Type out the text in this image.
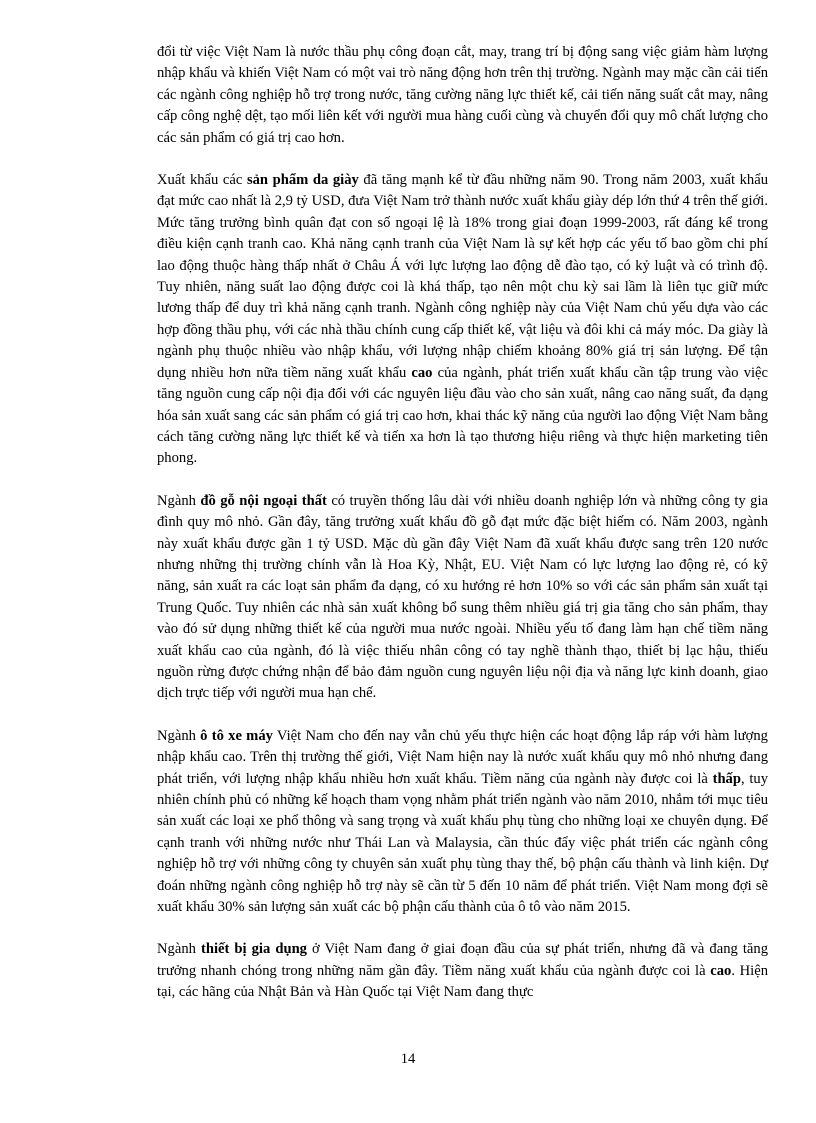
đổi từ việc Việt Nam là nước thầu phụ công đoạn cắt, may, trang trí bị động sang việc giảm hàm lượng nhập khẩu và khiến Việt Nam có một vai trò năng động hơn trên thị trường. Ngành may mặc cần cải tiến các ngành công nghiệp hỗ trợ trong nước, tăng cường năng lực thiết kế, cải tiến năng suất cắt may, nâng cấp công nghệ dệt, tạo mối liên kết với người mua hàng cuối cùng và chuyển đổi quy mô chất lượng cho các sản phẩm có giá trị cao hơn.

Xuất khẩu các sản phẩm da giày đã tăng mạnh kể từ đầu những năm 90. Trong năm 2003, xuất khẩu đạt mức cao nhất là 2,9 tỷ USD, đưa Việt Nam trở thành nước xuất khẩu giày dép lớn thứ 4 trên thế giới. Mức tăng trưởng bình quân đạt con số ngoại lệ là 18% trong giai đoạn 1999-2003, rất đáng kể trong điều kiện cạnh tranh cao. Khả năng cạnh tranh của Việt Nam là sự kết hợp các yếu tố bao gồm chi phí lao động thuộc hàng thấp nhất ở Châu Á với lực lượng lao động dễ đào tạo, có kỷ luật và có trình độ. Tuy nhiên, năng suất lao động được coi là khá thấp, tạo nên một chu kỳ sai lầm là liên tục giữ mức lương thấp để duy trì khả năng cạnh tranh. Ngành công nghiệp này của Việt Nam chủ yếu dựa vào các hợp đồng thầu phụ, với các nhà thầu chính cung cấp thiết kế, vật liệu và đôi khi cả máy móc. Da giày là ngành phụ thuộc nhiều vào nhập khẩu, với lượng nhập chiếm khoảng 80% giá trị sản lượng. Để tận dụng nhiều hơn nữa tiềm năng xuất khẩu cao của ngành, phát triển xuất khẩu cần tập trung vào việc tăng nguồn cung cấp nội địa đối với các nguyên liệu đầu vào cho sản xuất, nâng cao năng suất, đa dạng hóa sản xuất sang các sản phẩm có giá trị cao hơn, khai thác kỹ năng của người lao động Việt Nam bằng cách tăng cường năng lực thiết kế và tiến xa hơn là tạo thương hiệu riêng và thực hiện marketing tiên phong.

Ngành đồ gỗ nội ngoại thất có truyền thống lâu dài với nhiều doanh nghiệp lớn và những công ty gia đình quy mô nhỏ. Gần đây, tăng trưởng xuất khẩu đồ gỗ đạt mức đặc biệt hiếm có. Năm 2003, ngành này xuất khẩu được gần 1 tỷ USD. Mặc dù gần đây Việt Nam đã xuất khẩu được sang trên 120 nước nhưng những thị trường chính vẫn là Hoa Kỳ, Nhật, EU. Việt Nam có lực lượng lao động rẻ, có kỹ năng, sản xuất ra các loạt sản phẩm đa dạng, có xu hướng rẻ hơn 10% so với các sản phẩm sản xuất tại Trung Quốc. Tuy nhiên các nhà sản xuất không bổ sung thêm nhiều giá trị gia tăng cho sản phẩm, thay vào đó sử dụng những thiết kế của người mua nước ngoài. Nhiều yếu tố đang làm hạn chế tiềm năng xuất khẩu cao của ngành, đó là việc thiếu nhân công có tay nghề thành thạo, thiết bị lạc hậu, thiếu nguồn rừng được chứng nhận để bảo đảm nguồn cung nguyên liệu nội địa và năng lực kinh doanh, giao dịch trực tiếp với người mua hạn chế.

Ngành ô tô xe máy Việt Nam cho đến nay vẫn chủ yếu thực hiện các hoạt động lắp ráp với hàm lượng nhập khẩu cao. Trên thị trường thế giới, Việt Nam hiện nay là nước xuất khẩu quy mô nhỏ nhưng đang phát triển, với lượng nhập khẩu nhiều hơn xuất khẩu. Tiềm năng của ngành này được coi là thấp, tuy nhiên chính phủ có những kế hoạch tham vọng nhằm phát triển ngành vào năm 2010, nhắm tới mục tiêu sản xuất các loại xe phổ thông và sang trọng và xuất khẩu phụ tùng cho những loại xe chuyên dụng. Để cạnh tranh với những nước như Thái Lan và Malaysia, cần thúc đẩy việc phát triển các ngành công nghiệp hỗ trợ với những công ty chuyên sản xuất phụ tùng thay thế, bộ phận cấu thành và linh kiện. Dự đoán những ngành công nghiệp hỗ trợ này sẽ cần từ 5 đến 10 năm để phát triển. Việt Nam mong đợi sẽ xuất khẩu 30% sản lượng sản xuất các bộ phận cấu thành của ô tô vào năm 2015.

Ngành thiết bị gia dụng ở Việt Nam đang ở giai đoạn đầu của sự phát triển, nhưng đã và đang tăng trưởng nhanh chóng trong những năm gần đây. Tiềm năng xuất khẩu của ngành được coi là cao. Hiện tại, các hãng của Nhật Bản và Hàn Quốc tại Việt Nam đang thực

14
